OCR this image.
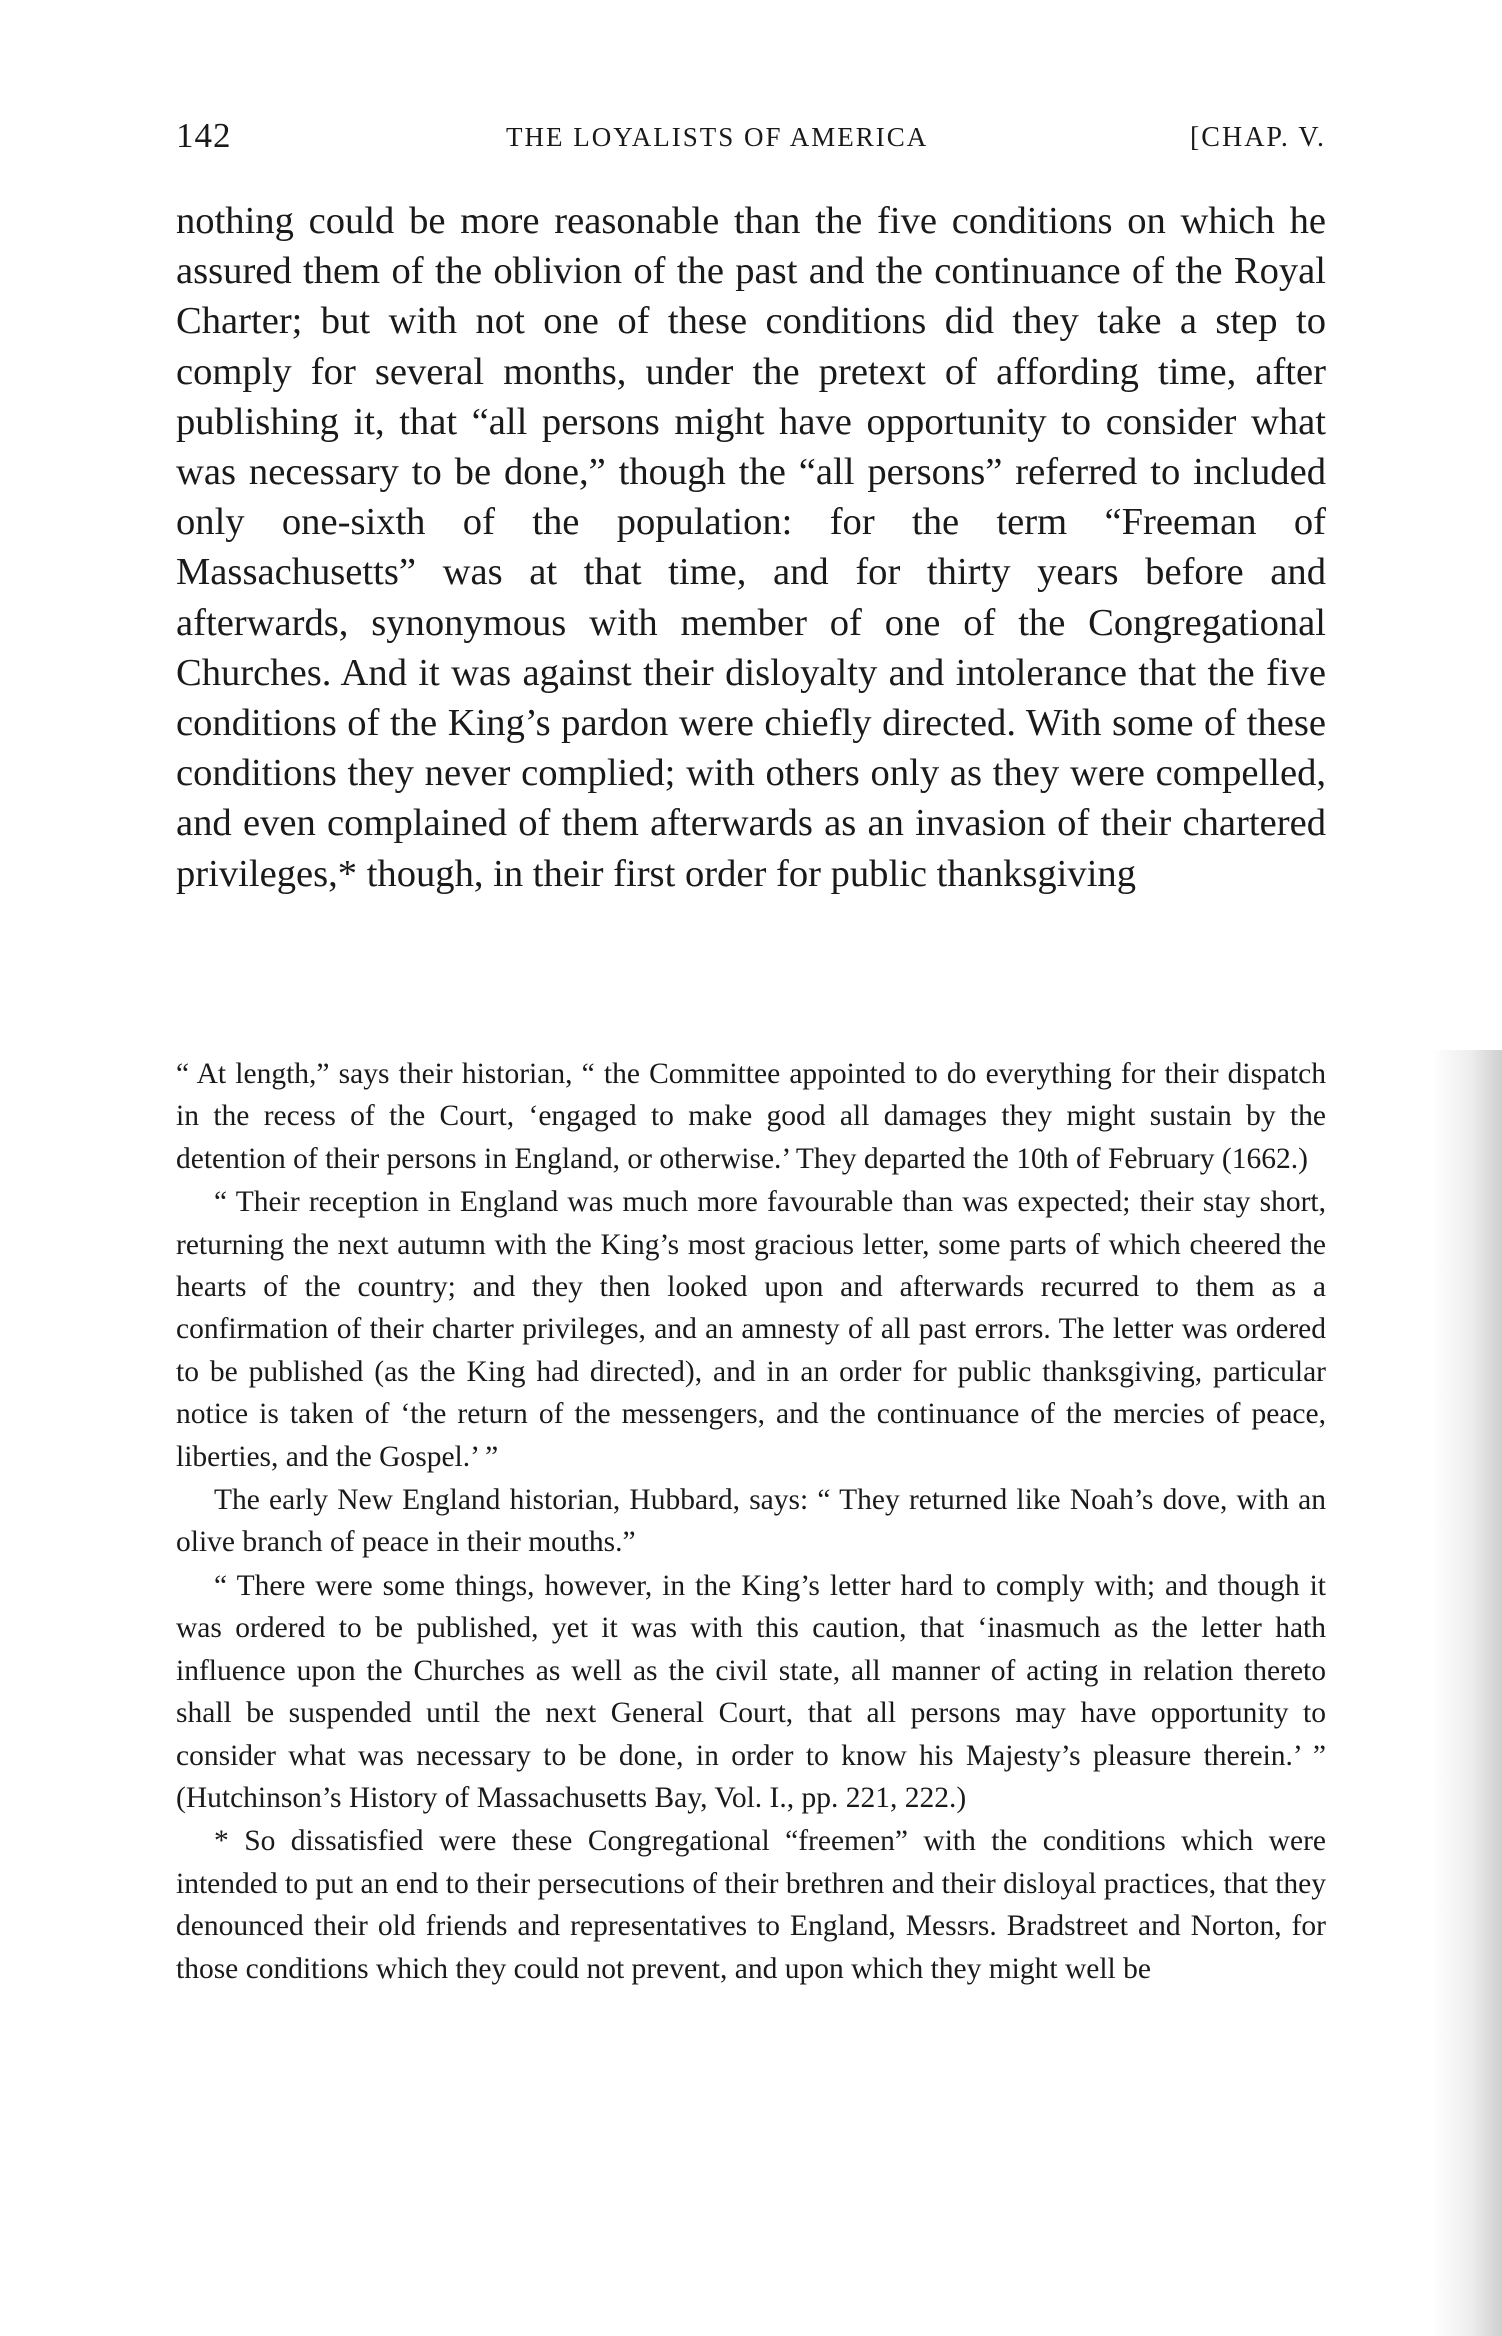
142	THE LOYALISTS OF AMERICA	[CHAP. V.

nothing could be more reasonable than the five conditions on which he assured them of the oblivion of the past and the continuance of the Royal Charter; but with not one of these conditions did they take a step to comply for several months, under the pretext of affording time, after publishing it, that “all persons might have opportunity to consider what was necessary to be done,” though the “all persons” referred to included only one-sixth of the population: for the term “Freeman of Massachusetts” was at that time, and for thirty years before and afterwards, synonymous with member of one of the Congregational Churches. And it was against their disloyalty and intolerance that the five conditions of the King’s pardon were chiefly directed. With some of these conditions they never complied; with others only as they were compelled, and even complained of them afterwards as an invasion of their chartered privileges,* though, in their first order for public thanksgiving

“ At length,” says their historian, “ the Committee appointed to do everything for their dispatch in the recess of the Court, ‘engaged to make good all damages they might sustain by the detention of their persons in England, or otherwise.’ They departed the 10th of February (1662.)

“ Their reception in England was much more favourable than was expected; their stay short, returning the next autumn with the King’s most gracious letter, some parts of which cheered the hearts of the country; and they then looked upon and afterwards recurred to them as a confirmation of their charter privileges, and an amnesty of all past errors. The letter was ordered to be published (as the King had directed), and in an order for public thanksgiving, particular notice is taken of ‘the return of the messengers, and the continuance of the mercies of peace, liberties, and the Gospel.’ ”

The early New England historian, Hubbard, says: “ They returned like Noah’s dove, with an olive branch of peace in their mouths.”

“ There were some things, however, in the King’s letter hard to comply with; and though it was ordered to be published, yet it was with this caution, that ‘inasmuch as the letter hath influence upon the Churches as well as the civil state, all manner of acting in relation thereto shall be suspended until the next General Court, that all persons may have opportunity to consider what was necessary to be done, in order to know his Majesty’s pleasure therein.’ ” (Hutchinson’s History of Massachusetts Bay, Vol. I., pp. 221, 222.)

* So dissatisfied were these Congregational “freemen” with the conditions which were intended to put an end to their persecutions of their brethren and their disloyal practices, that they denounced their old friends and representatives to England, Messrs. Bradstreet and Norton, for those conditions which they could not prevent, and upon which they might well be
